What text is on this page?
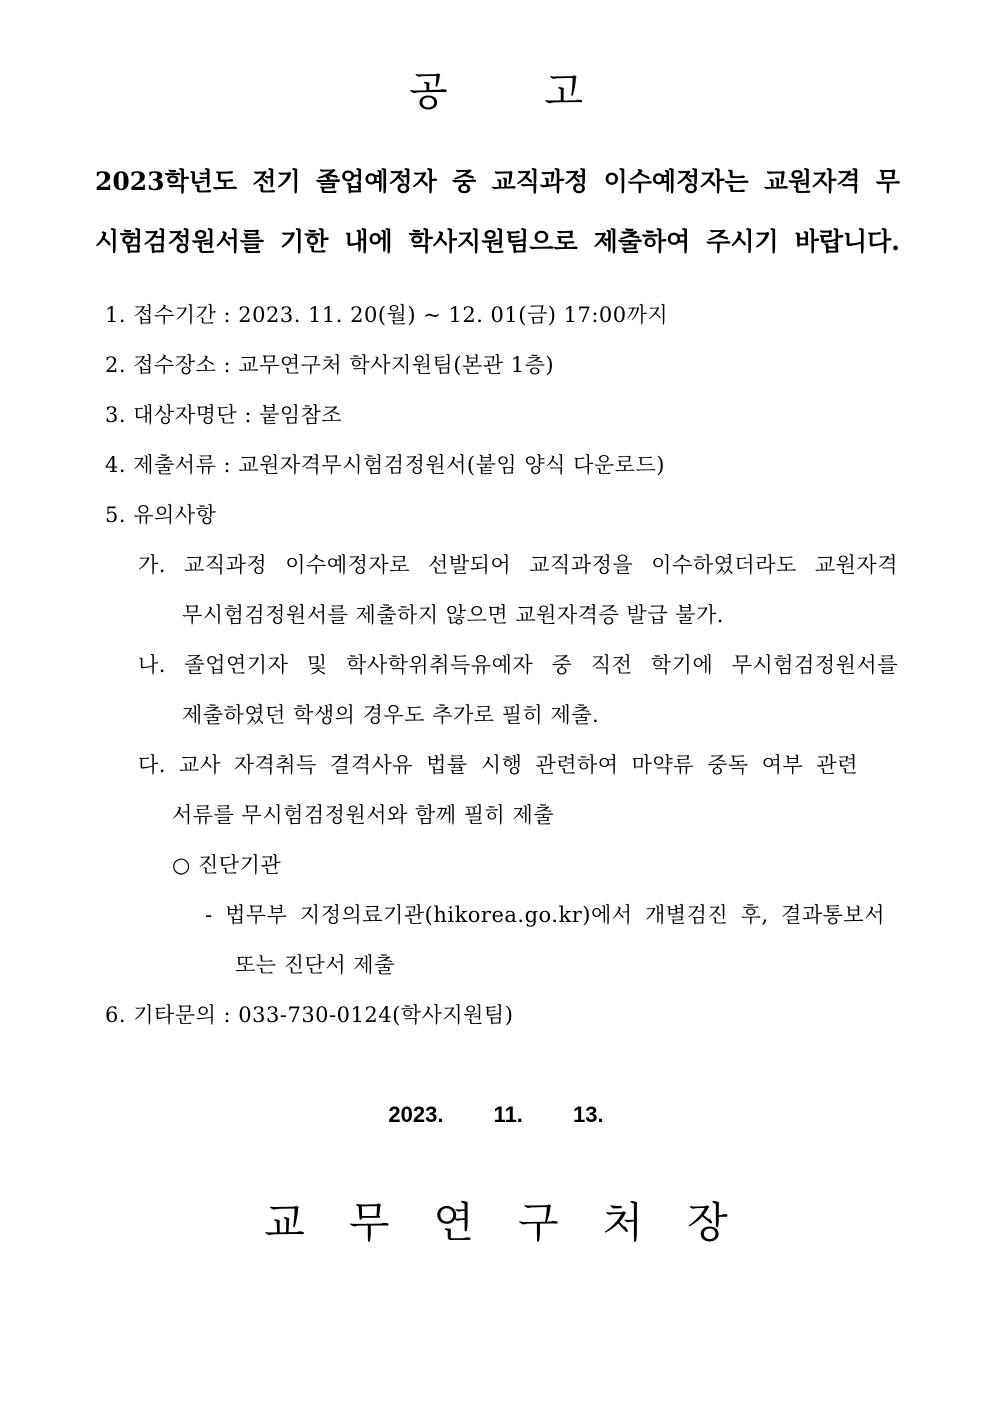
공 고
2023학년도 전기 졸업예정자 중 교직과정 이수예정자는 교원자격 무
시험검정원서를 기한 내에 학사지원팀으로 제출하여 주시기 바랍니다.
1. 접수기간 : 2023. 11. 20(월) ~ 12. 01(금) 17:00까지
2. 접수장소 : 교무연구처 학사지원팀(본관 1층)
3. 대상자명단 : 붙임참조
4. 제출서류 : 교원자격무시험검정원서(붙임 양식 다운로드)
5. 유의사항
가. 교직과정 이수예정자로 선발되어 교직과정을 이수하였더라도 교원자격
무시험검정원서를 제출하지 않으면 교원자격증 발급 불가.
나. 졸업연기자 및 학사학위취득유예자 중 직전 학기에 무시험검정원서를
제출하였던 학생의 경우도 추가로 필히 제출.
다. 교사 자격취득 결격사유 법률 시행 관련하여 마약류 중독 여부 관련
서류를 무시험검정원서와 함께 필히 제출
○ 진단기관
- 법무부 지정의료기관(hikorea.go.kr)에서 개별검진 후, 결과통보서
또는 진단서 제출
6. 기타문의 : 033-730-0124(학사지원팀)
2023. 11. 13.
교무연구처장
